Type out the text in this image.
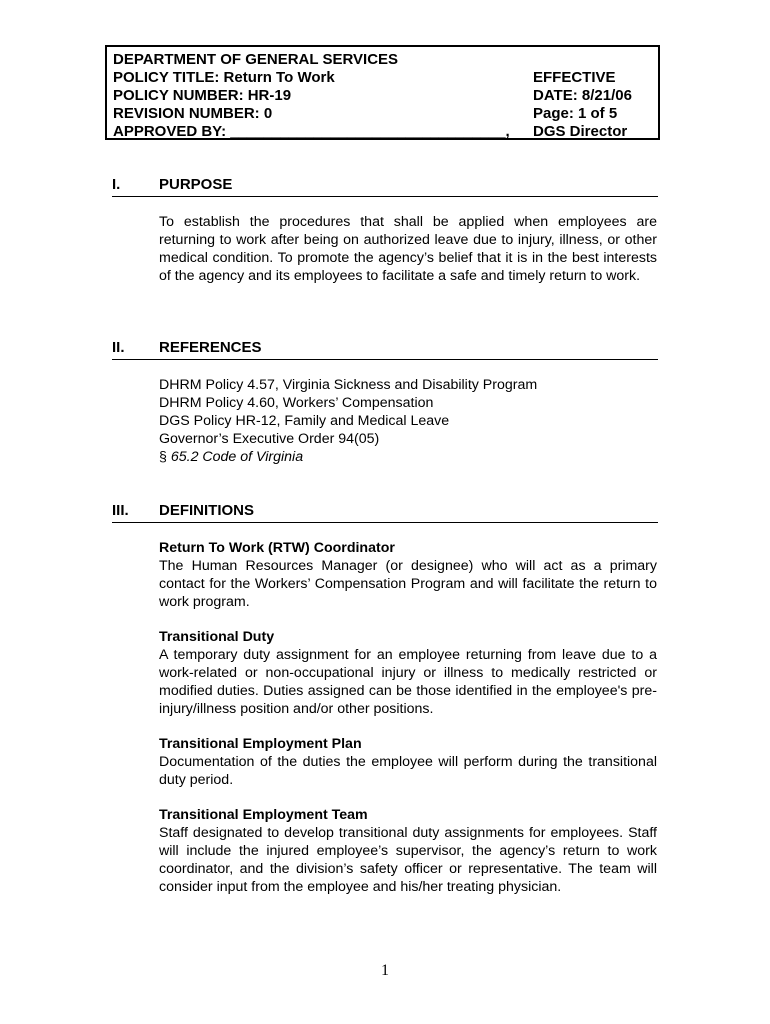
DEPARTMENT OF GENERAL SERVICES
POLICY TITLE: Return To Work
POLICY NUMBER: HR-19
REVISION NUMBER: 0
APPROVED BY: _________________________________,
EFFECTIVE
DATE: 8/21/06
Page: 1 of 5
DGS Director
I.	PURPOSE
To establish the procedures that shall be applied when employees are returning to work after being on authorized leave due to injury, illness, or other medical condition. To promote the agency’s belief that it is in the best interests of the agency and its employees to facilitate a safe and timely return to work.
II. REFERENCES
DHRM Policy 4.57, Virginia Sickness and Disability Program
DHRM Policy 4.60, Workers’ Compensation
DGS Policy HR-12, Family and Medical Leave
Governor’s Executive Order 94(05)
§ 65.2 Code of Virginia
III. DEFINITIONS
Return To Work (RTW) Coordinator
The Human Resources Manager (or designee) who will act as a primary contact for the Workers’ Compensation Program and will facilitate the return to work program.
Transitional Duty
A temporary duty assignment for an employee returning from leave due to a work-related or non-occupational injury or illness to medically restricted or modified duties. Duties assigned can be those identified in the employee's pre-injury/illness position and/or other positions.
Transitional Employment Plan
Documentation of the duties the employee will perform during the transitional duty period.
Transitional Employment Team
Staff designated to develop transitional duty assignments for employees. Staff will include the injured employee’s supervisor, the agency’s return to work coordinator, and the division’s safety officer or representative. The team will consider input from the employee and his/her treating physician.
1
